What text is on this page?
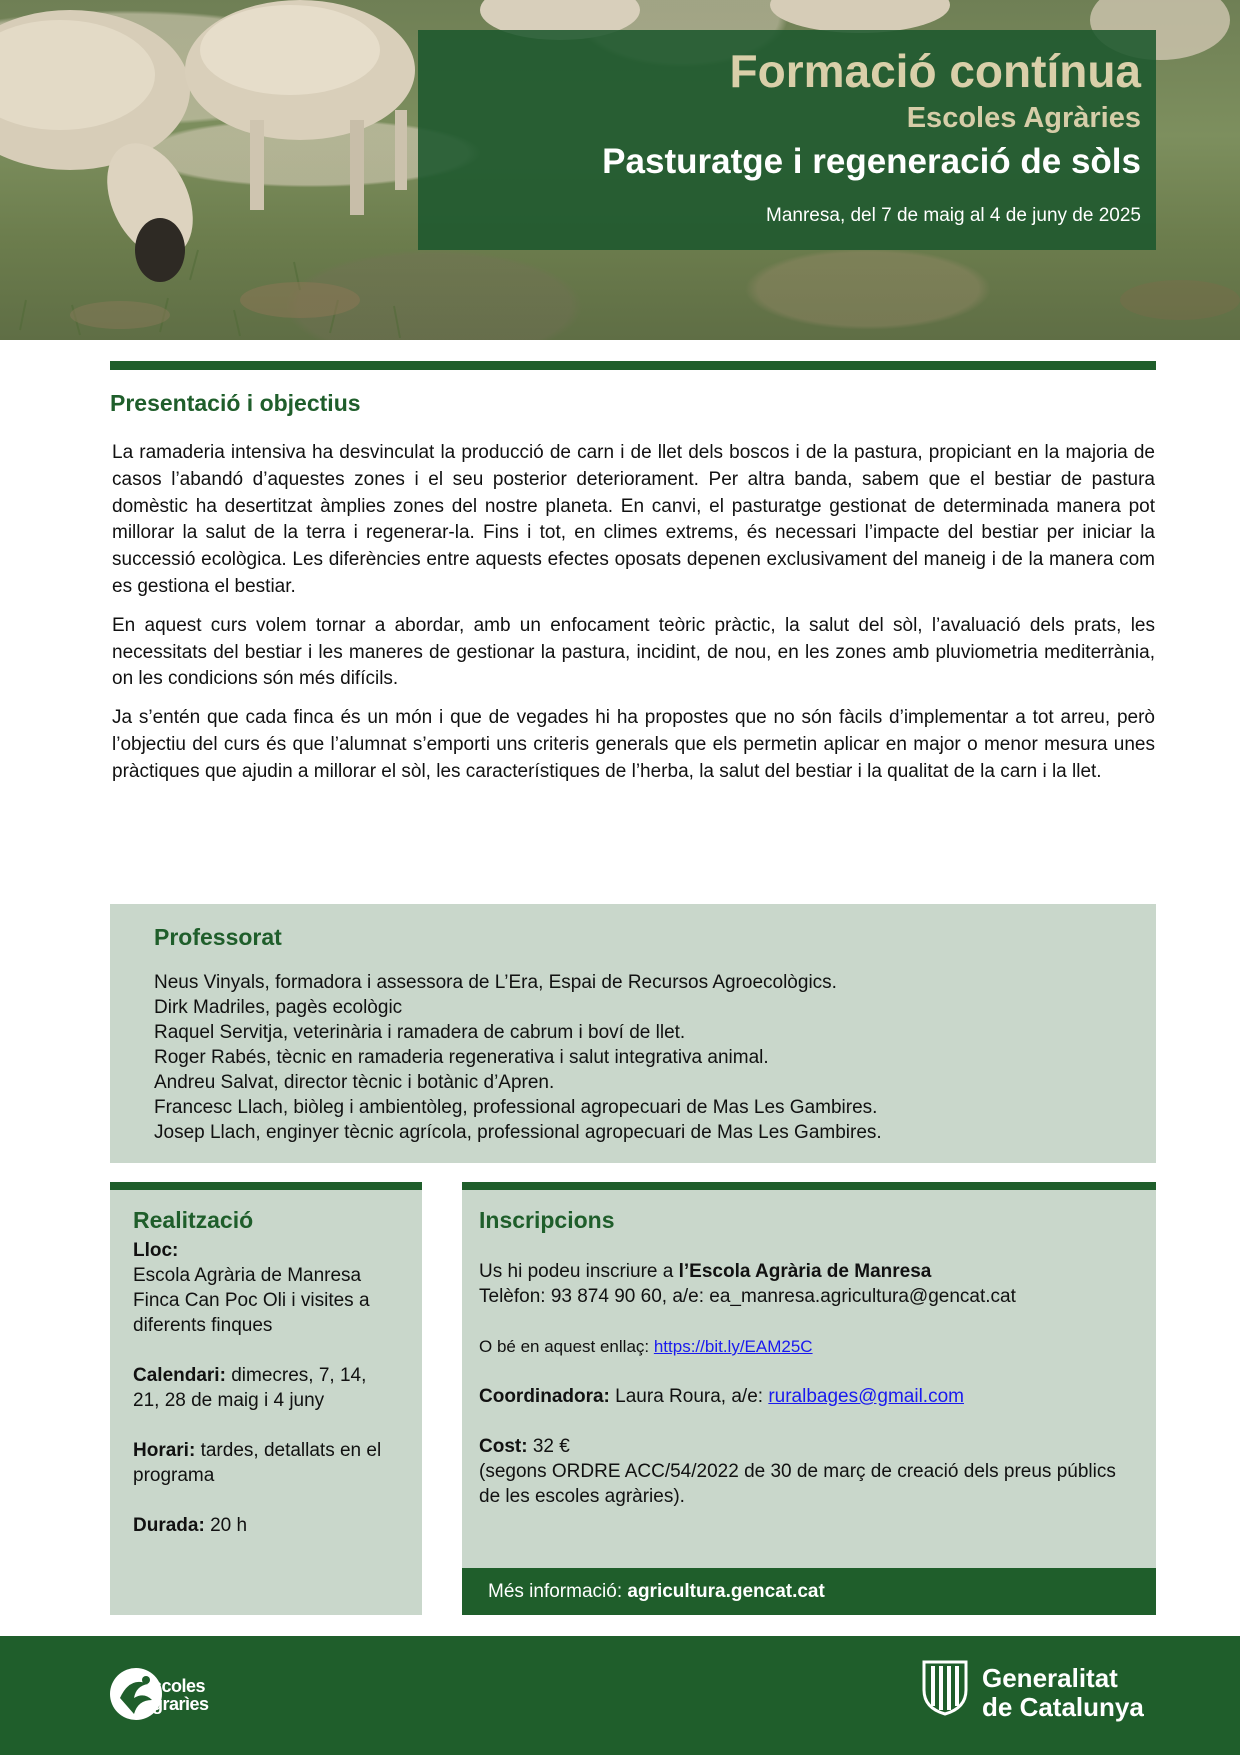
Formació contínua
Escoles Agràries
Pasturatge i regeneració de sòls
Manresa, del 7 de maig al 4 de juny de 2025
Presentació i objectius

La ramaderia intensiva ha desvinculat la producció de carn i de llet dels boscos i de la pastura, propiciant en la majoria de casos l’abandó d’aquestes zones i el seu posterior deteriorament. Per altra banda, sabem que el bestiar de pastura domèstic ha desertitzat àmplies zones del nostre planeta. En canvi, el pasturatge gestionat de determinada manera pot millorar la salut de la terra i regenerar-la. Fins i tot, en climes extrems, és necessari l’impacte del bestiar per iniciar la successió ecològica. Les diferències entre aquests efectes oposats depenen exclusivament del maneig i de la manera com es gestiona el bestiar.

En aquest curs volem tornar a abordar, amb un enfocament teòric pràctic, la salut del sòl, l’avaluació dels prats, les necessitats del bestiar i les maneres de gestionar la pastura, incidint, de nou, en les zones amb pluviometria mediterrània, on les condicions són més difícils.

Ja s’entén que cada finca és un món i que de vegades hi ha propostes que no són fàcils d’implementar a tot arreu, però l’objectiu del curs és que l’alumnat s’emporti uns criteris generals que els permetin aplicar en major o menor mesura unes pràctiques que ajudin a millorar el sòl, les característiques de l’herba, la salut del bestiar i la qualitat de la carn i la llet.

Professorat
Neus Vinyals, formadora i assessora de L’Era, Espai de Recursos Agroecològics.
Dirk Madriles, pagès ecològic
Raquel Servitja, veterinària i ramadera de cabrum i boví de llet.
Roger Rabés, tècnic en ramaderia regenerativa i salut integrativa animal.
Andreu Salvat, director tècnic i botànic d’Apren.
Francesc Llach, biòleg i ambientòleg, professional agropecuari de Mas Les Gambires.
Josep Llach, enginyer tècnic agrícola, professional agropecuari de Mas Les Gambires.
Realització
Lloc:
Escola Agrària de Manresa
Finca Can Poc Oli i visites a
diferents finques
Calendari: dimecres, 7, 14,
21, 28 de maig i 4 juny
Horari: tardes, detallats en el
programa
Durada: 20 h
Inscripcions
Us hi podeu inscriure a l’Escola Agrària de Manresa
Telèfon: 93 874 90 60, a/e: ea_manresa.agricultura@gencat.cat
O bé en aquest enllaç: https://bit.ly/EAM25C
Coordinadora: Laura Roura, a/e: ruralbages@gmail.com
Cost: 32 €
(segons ORDRE ACC/54/2022 de 30 de març de creació dels preus públics de les escoles agràries).
Més informació: agricultura.gencat.cat
scoles
grarìes
Generalitat
de Catalunya
